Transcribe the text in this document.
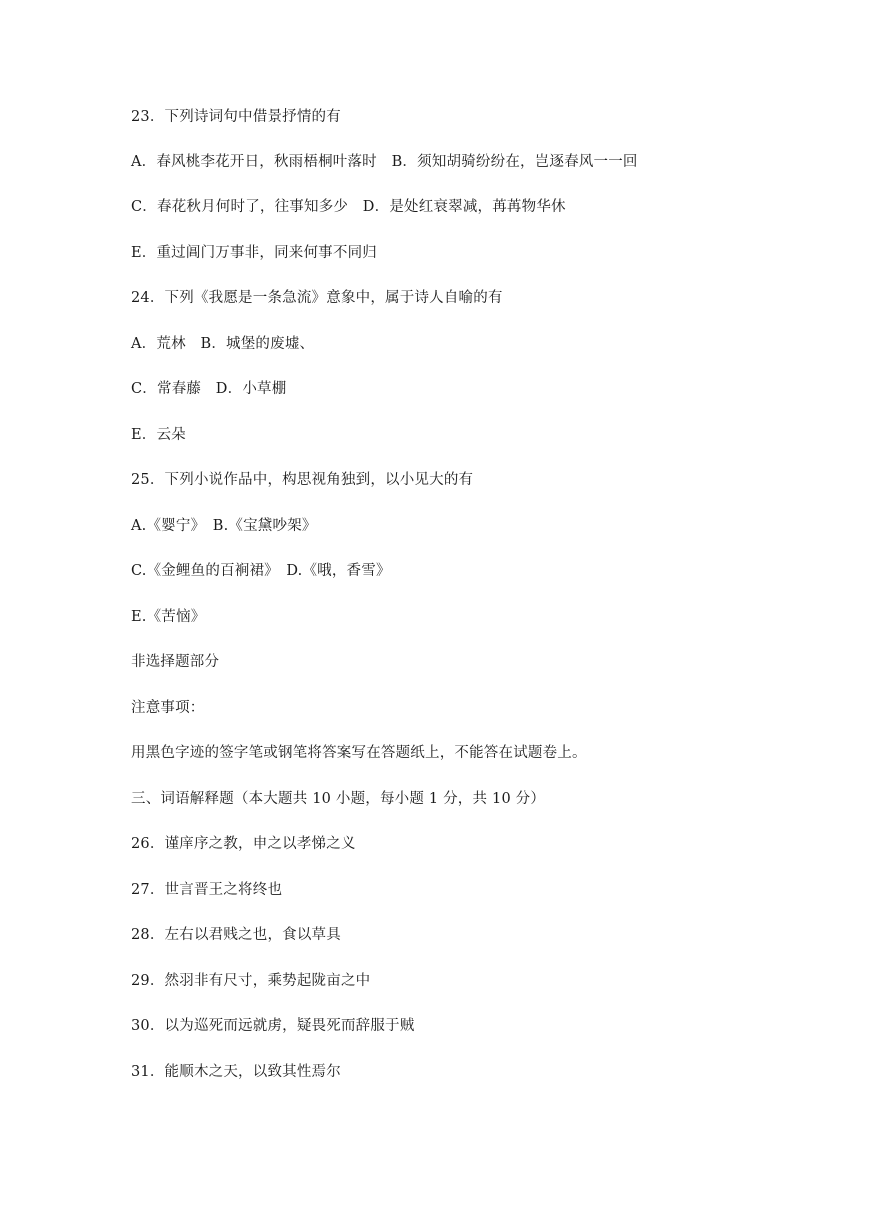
23．下列诗词句中借景抒情的有
A．春风桃李花开日，秋雨梧桐叶落时　B．须知胡骑纷纷在，岂逐春风一一回
C．春花秋月何时了，往事知多少　D．是处红衰翠减，苒苒物华休
E．重过阊门万事非，同来何事不同归
24．下列《我愿是一条急流》意象中，属于诗人自喻的有
A．荒林　B．城堡的废墟、
C．常春藤　D．小草棚
E．云朵
25．下列小说作品中，构思视角独到，以小见大的有
A.《婴宁》　B.《宝黛吵架》
C.《金鲤鱼的百裥裙》　D.《哦，香雪》
E.《苦恼》
非选择题部分
注意事项：
用黑色字迹的签字笔或钢笔将答案写在答题纸上，不能答在试题卷上。
三、词语解释题（本大题共 10 小题，每小题 1 分，共 10 分）
26．谨庠序之教，申之以孝悌之义
27．世言晋王之将终也
28．左右以君贱之也，食以草具
29．然羽非有尺寸，乘势起陇亩之中
30．以为巡死而远就虏，疑畏死而辞服于贼
31．能顺木之天，以致其性焉尔
